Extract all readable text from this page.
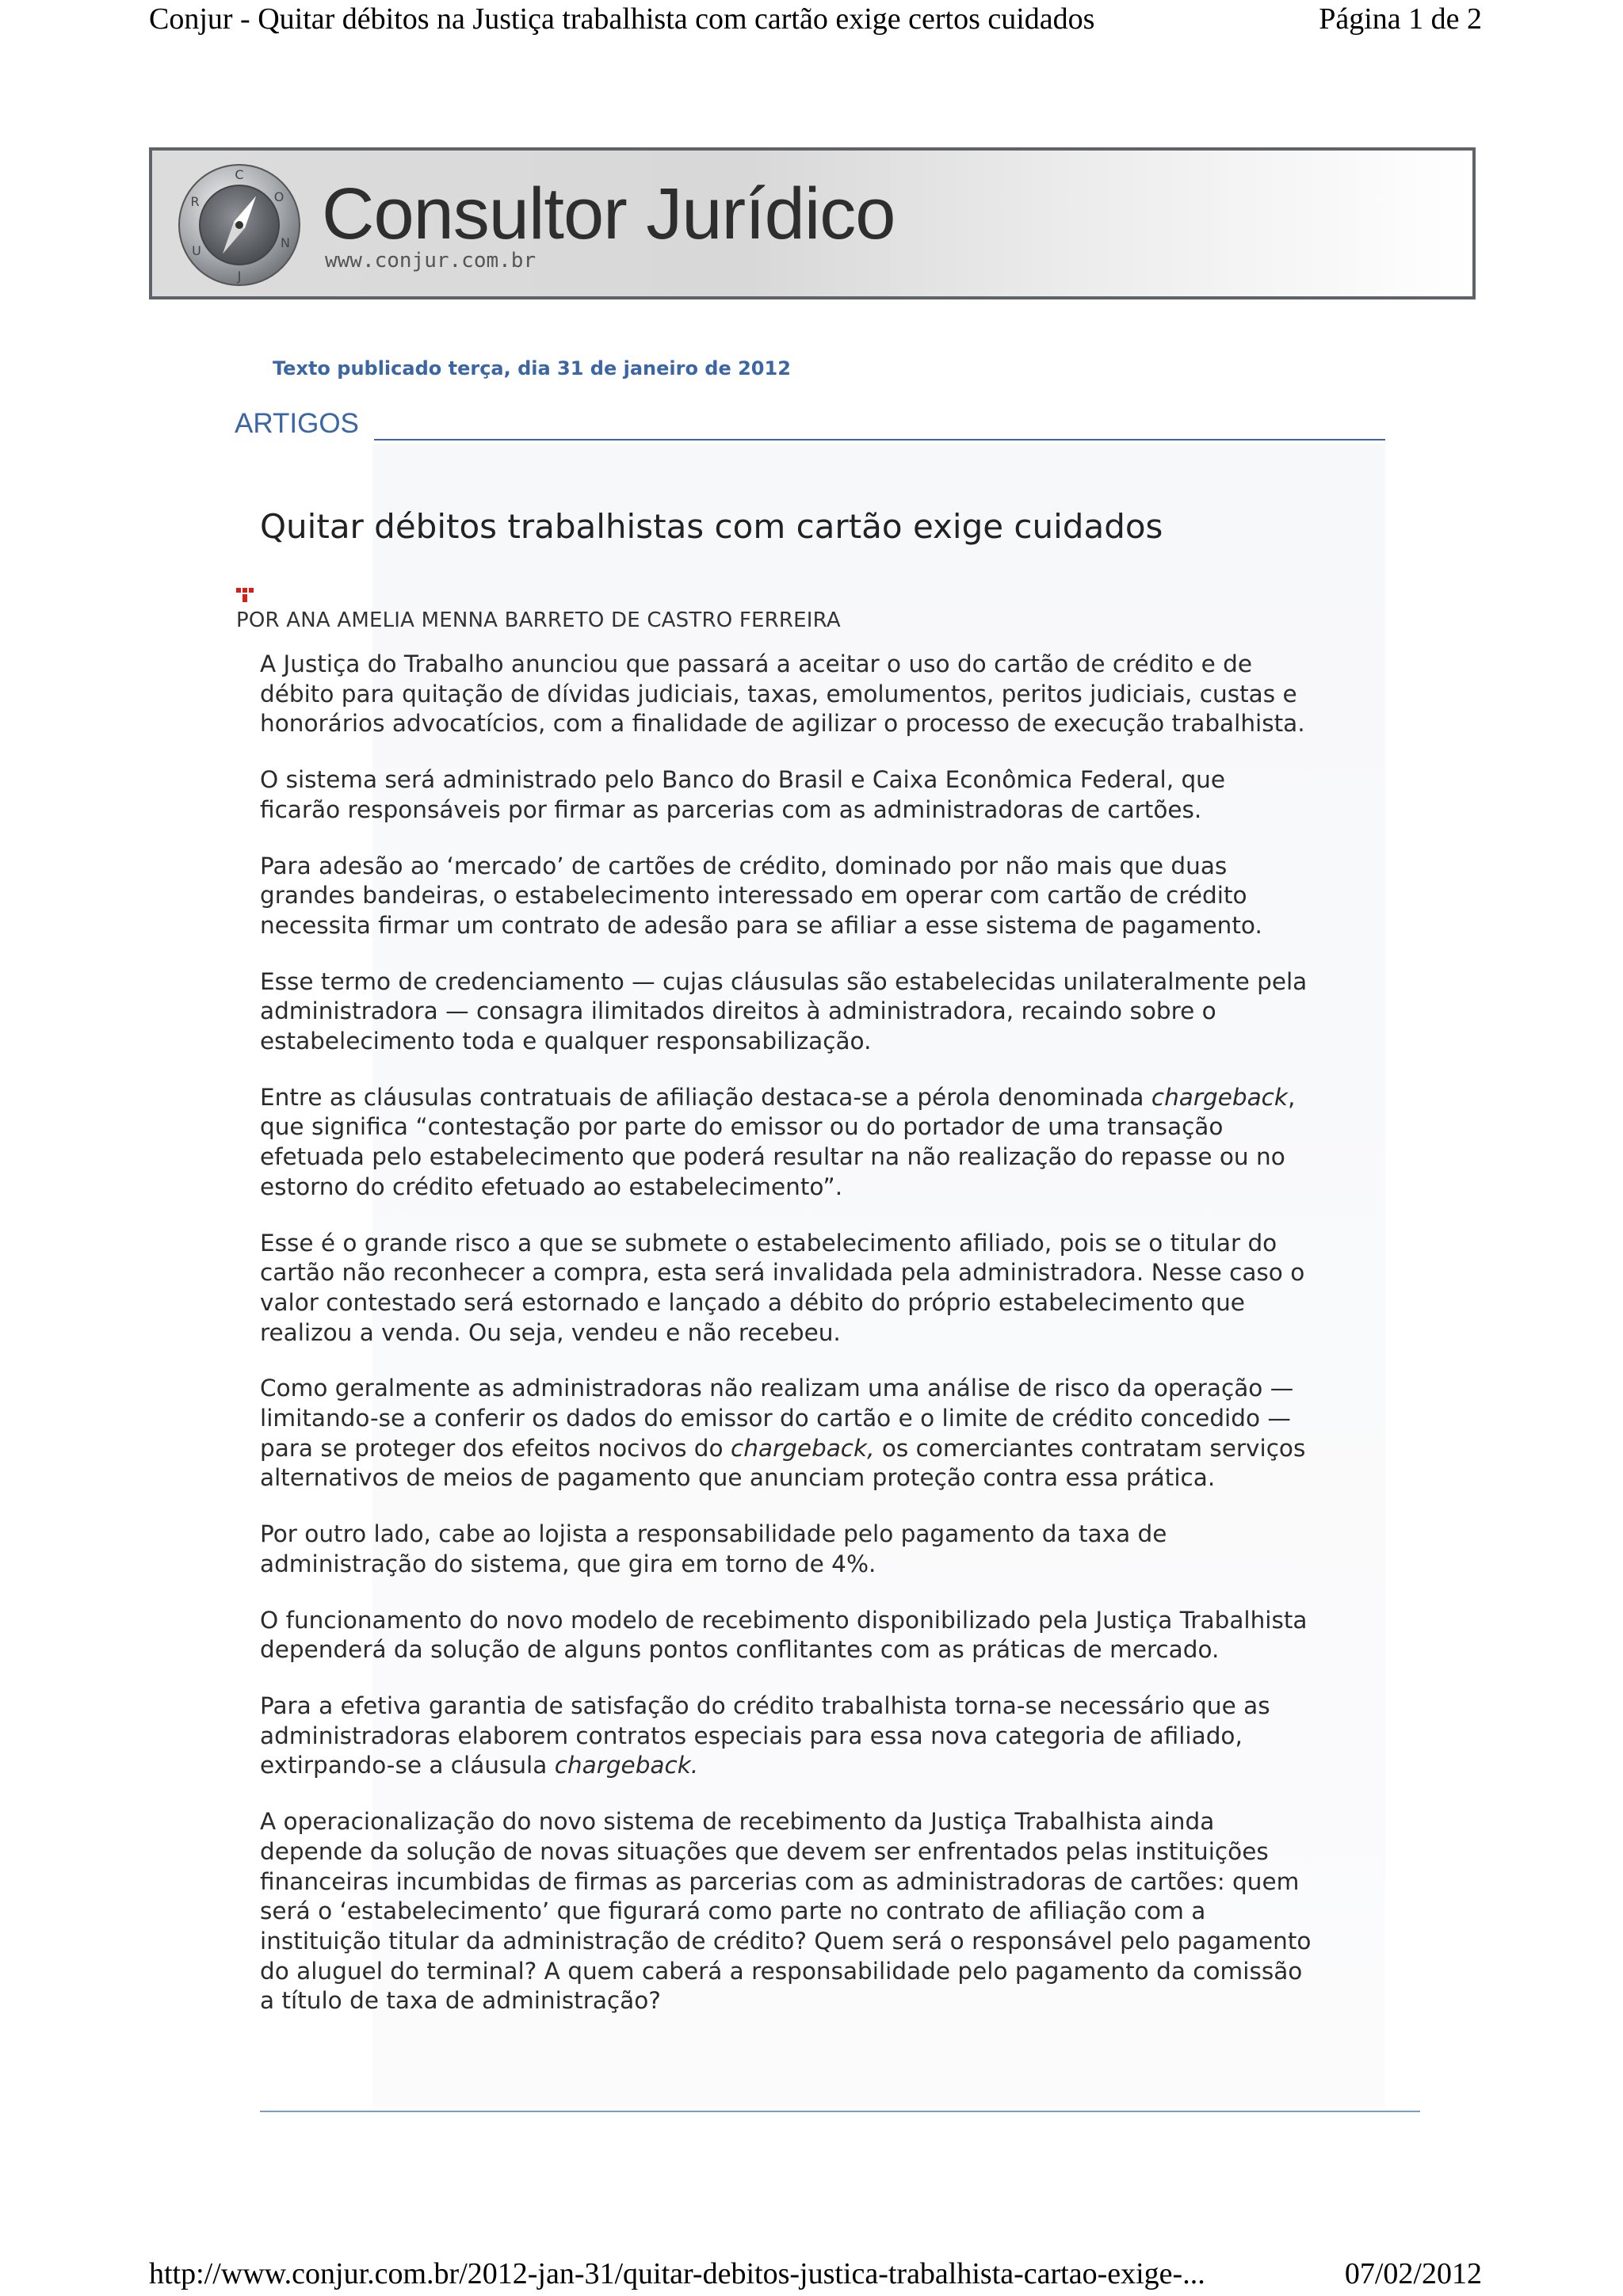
Conjur - Quitar débitos na Justiça trabalhista com cartão exige certos cuidados	Página 1 de 2
C
O
N
J
U
R Consultor Jurídico
www.conjur.com.br
Texto publicado terça, dia 31 de janeiro de 2012
ARTIGOS
Quitar débitos trabalhistas com cartão exige cuidados
POR ANA AMELIA MENNA BARRETO DE CASTRO FERREIRA

A Justiça do Trabalho anunciou que passará a aceitar o uso do cartão de crédito e de
débito para quitação de dívidas judiciais, taxas, emolumentos, peritos judiciais, custas e
honorários advocatícios, com a finalidade de agilizar o processo de execução trabalhista.

O sistema será administrado pelo Banco do Brasil e Caixa Econômica Federal, que
ficarão responsáveis por firmar as parcerias com as administradoras de cartões.

Para adesão ao ‘mercado’ de cartões de crédito, dominado por não mais que duas
grandes bandeiras, o estabelecimento interessado em operar com cartão de crédito
necessita firmar um contrato de adesão para se afiliar a esse sistema de pagamento.

Esse termo de credenciamento — cujas cláusulas são estabelecidas unilateralmente pela
administradora — consagra ilimitados direitos à administradora, recaindo sobre o
estabelecimento toda e qualquer responsabilização.

Entre as cláusulas contratuais de afiliação destaca-se a pérola denominada chargeback,
que significa “contestação por parte do emissor ou do portador de uma transação
efetuada pelo estabelecimento que poderá resultar na não realização do repasse ou no
estorno do crédito efetuado ao estabelecimento”.

Esse é o grande risco a que se submete o estabelecimento afiliado, pois se o titular do
cartão não reconhecer a compra, esta será invalidada pela administradora. Nesse caso o
valor contestado será estornado e lançado a débito do próprio estabelecimento que
realizou a venda. Ou seja, vendeu e não recebeu.

Como geralmente as administradoras não realizam uma análise de risco da operação —
limitando-se a conferir os dados do emissor do cartão e o limite de crédito concedido —
para se proteger dos efeitos nocivos do chargeback, os comerciantes contratam serviços
alternativos de meios de pagamento que anunciam proteção contra essa prática.

Por outro lado, cabe ao lojista a responsabilidade pelo pagamento da taxa de
administração do sistema, que gira em torno de 4%.

O funcionamento do novo modelo de recebimento disponibilizado pela Justiça Trabalhista
dependerá da solução de alguns pontos conflitantes com as práticas de mercado.

Para a efetiva garantia de satisfação do crédito trabalhista torna-se necessário que as
administradoras elaborem contratos especiais para essa nova categoria de afiliado,
extirpando-se a cláusula chargeback.

A operacionalização do novo sistema de recebimento da Justiça Trabalhista ainda
depende da solução de novas situações que devem ser enfrentados pelas instituições
financeiras incumbidas de firmas as parcerias com as administradoras de cartões: quem
será o ‘estabelecimento’ que figurará como parte no contrato de afiliação com a
instituição titular da administração de crédito? Quem será o responsável pelo pagamento
do aluguel do terminal? A quem caberá a responsabilidade pelo pagamento da comissão
a título de taxa de administração?

http://www.conjur.com.br/2012-jan-31/quitar-debitos-justica-trabalhista-cartao-exige-...	07/02/2012
